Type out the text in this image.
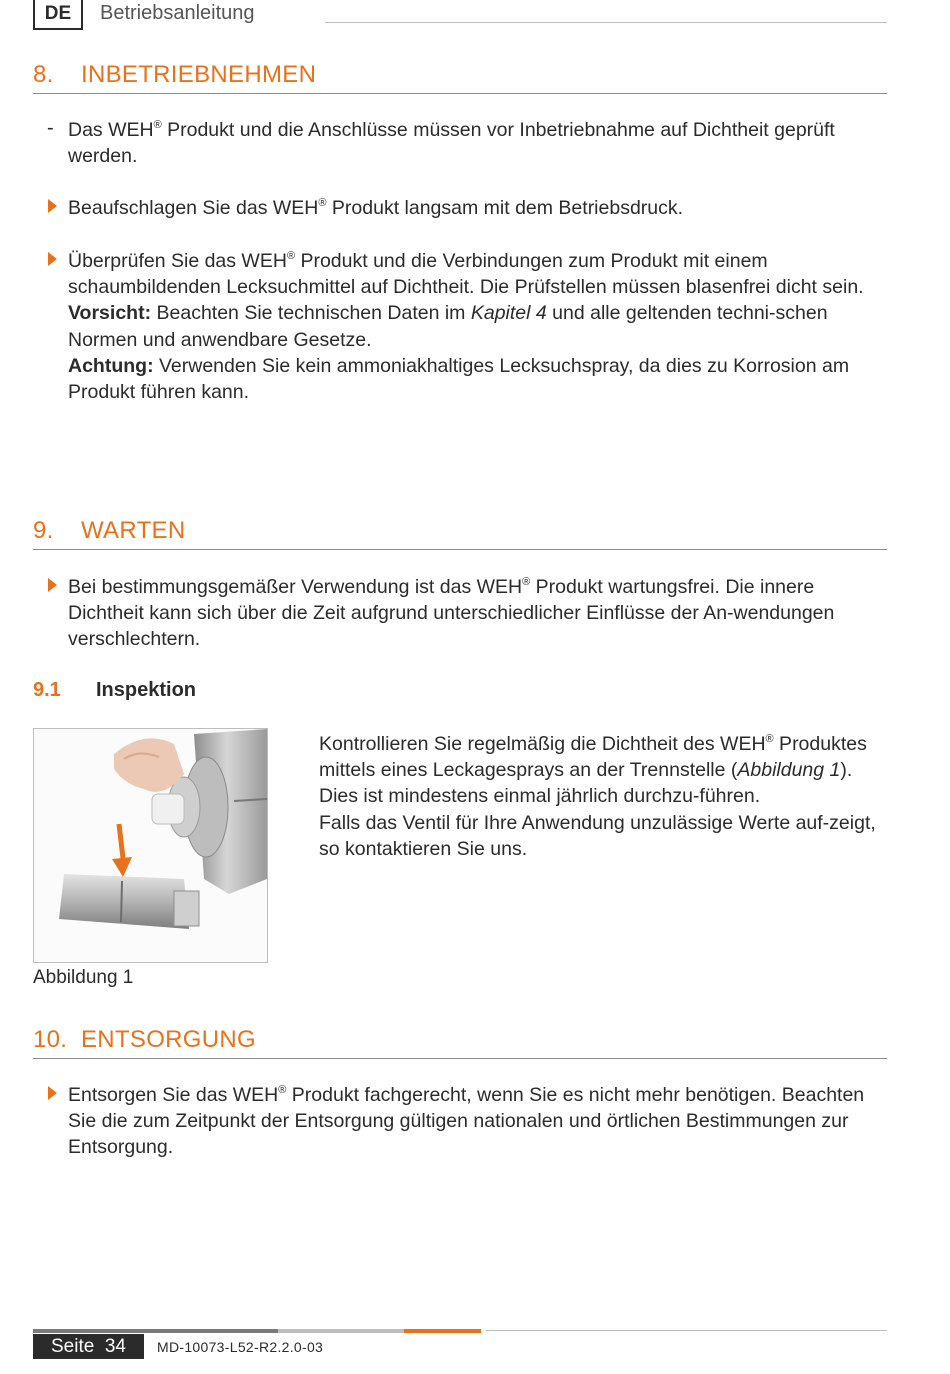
DE	Betriebsanleitung
8. INBETRIEBNEHMEN
- Das WEH® Produkt und die Anschlüsse müssen vor Inbetriebnahme auf Dichtheit geprüft werden.
Beaufschlagen Sie das WEH® Produkt langsam mit dem Betriebsdruck.
Überprüfen Sie das WEH® Produkt und die Verbindungen zum Produkt mit einem schaumbildenden Lecksuchmittel auf Dichtheit. Die Prüfstellen müssen blasenfrei dicht sein.
Vorsicht: Beachten Sie technischen Daten im Kapitel 4 und alle geltenden techni-schen Normen und anwendbare Gesetze.
Achtung: Verwenden Sie kein ammoniakhaltiges Lecksuchspray, da dies zu Korrosion am Produkt führen kann.
9. WARTEN
Bei bestimmungsgemäßer Verwendung ist das WEH® Produkt wartungsfrei. Die innere Dichtheit kann sich über die Zeit aufgrund unterschiedlicher Einflüsse der An-wendungen verschlechtern.
9.1 Inspektion
Abbildung 1
Kontrollieren Sie regelmäßig die Dichtheit des WEH® Produktes mittels eines Leckagesprays an der Trennstelle (Abbildung 1). Dies ist mindestens einmal jährlich durchzu-führen.
Falls das Ventil für Ihre Anwendung unzulässige Werte auf-zeigt, so kontaktieren Sie uns.
10. ENTSORGUNG
Entsorgen Sie das WEH® Produkt fachgerecht, wenn Sie es nicht mehr benötigen. Beachten Sie die zum Zeitpunkt der Entsorgung gültigen nationalen und örtlichen Bestimmungen zur Entsorgung.
Seite 34	MD-10073-L52-R2.2.0-03
